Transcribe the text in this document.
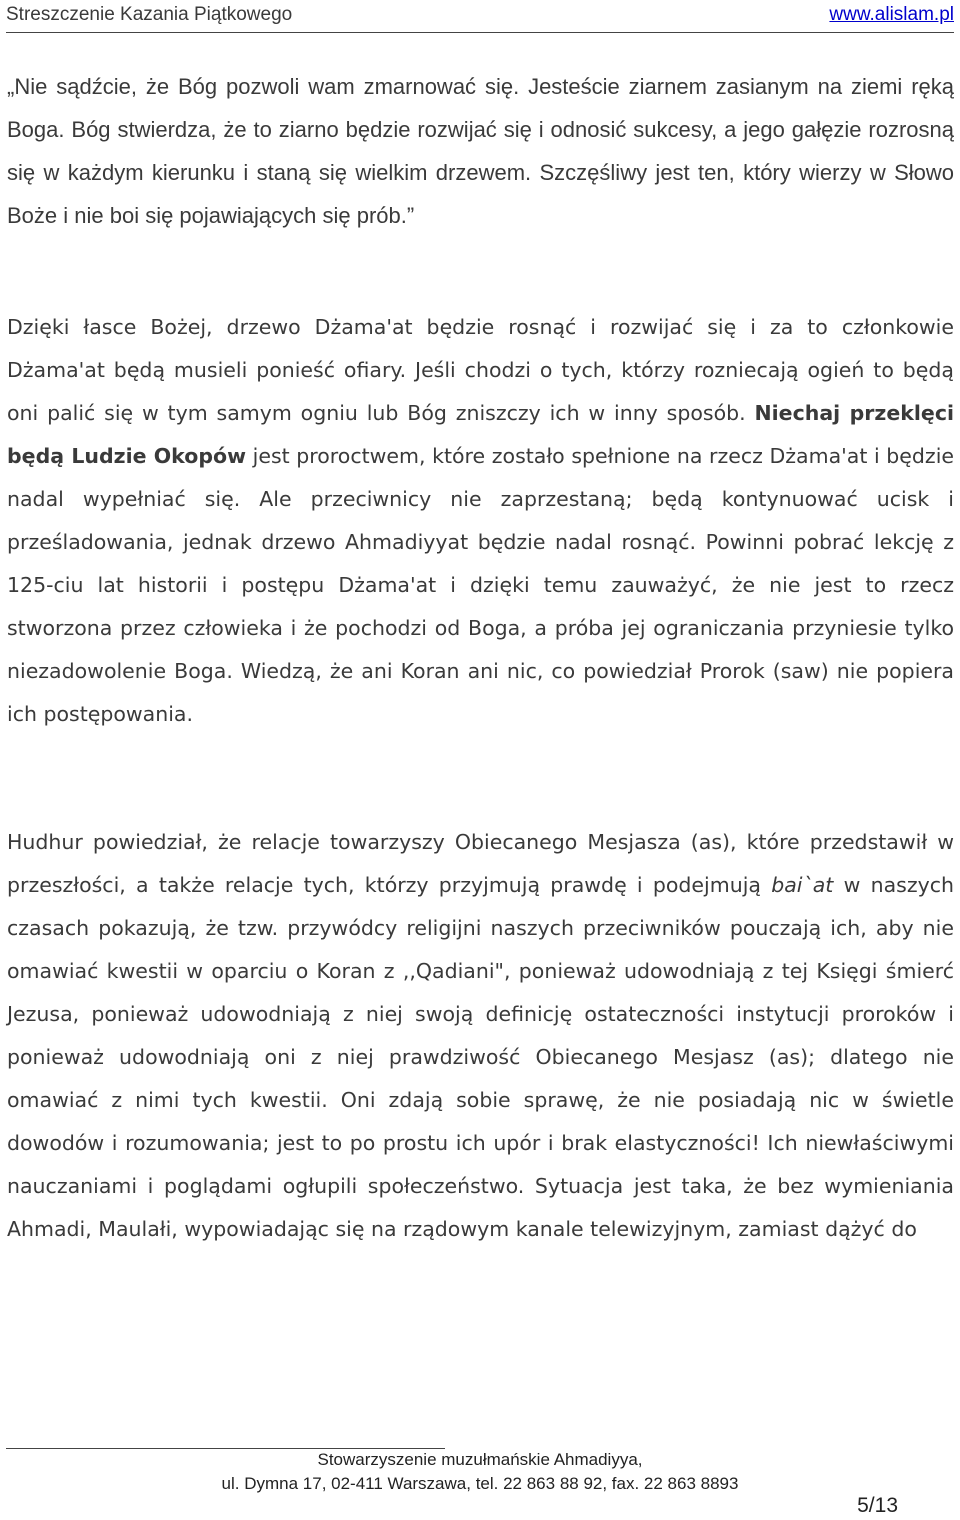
Streszczenie Kazania Piątkowego	www.alislam.pl

„Nie sądźcie, że Bóg pozwoli wam zmarnować się. Jesteście ziarnem zasianym na ziemi ręką Boga. Bóg stwierdza, że to ziarno będzie rozwijać się i odnosić sukcesy, a jego gałęzie rozrosną się w każdym kierunku i staną się wielkim drzewem. Szczęśliwy jest ten, który wierzy w Słowo Boże i nie boi się pojawiających się prób.”

Dzięki łasce Bożej, drzewo Dżama'at będzie rosnąć i rozwijać się i za to członkowie Dżama'at będą musieli ponieść ofiary. Jeśli chodzi o tych, którzy rozniecają ogień to będą oni palić się w tym samym ogniu lub Bóg zniszczy ich w inny sposób. Niechaj przeklęci będą Ludzie Okopów jest proroctwem, które zostało spełnione na rzecz Dżama'at i będzie nadal wypełniać się. Ale przeciwnicy nie zaprzestaną; będą kontynuować ucisk i prześladowania, jednak drzewo Ahmadiyyat będzie nadal rosnąć. Powinni pobrać lekcję z 125-ciu lat historii i postępu Dżama'at i dzięki temu zauważyć, że nie jest to rzecz stworzona przez człowieka i że pochodzi od Boga, a próba jej ograniczania przyniesie tylko niezadowolenie Boga. Wiedzą, że ani Koran ani nic, co powiedział Prorok (saw) nie popiera ich postępowania.

Hudhur powiedział, że relacje towarzyszy Obiecanego Mesjasza (as), które przedstawił w przeszłości, a także relacje tych, którzy przyjmują prawdę i podejmują bai`at w naszych czasach pokazują, że tzw. przywódcy religijni naszych przeciwników pouczają ich, aby nie omawiać kwestii w oparciu o Koran z ,,Qadiani", ponieważ udowodniają z tej Księgi śmierć Jezusa, ponieważ udowodniają z niej swoją definicję ostateczności instytucji proroków i ponieważ udowodniają oni z niej prawdziwość Obiecanego Mesjasz (as); dlatego nie omawiać z nimi tych kwestii. Oni zdają sobie sprawę, że nie posiadają nic w świetle dowodów i rozumowania; jest to po prostu ich upór i brak elastyczności! Ich niewłaściwymi nauczaniami i poglądami ogłupili społeczeństwo. Sytuacja jest taka, że bez wymieniania Ahmadi, Maulałi, wypowiadając się na rządowym kanale telewizyjnym, zamiast dążyć do

Stowarzyszenie muzułmańskie Ahmadiyya,
ul. Dymna 17, 02-411 Warszawa, tel. 22 863 88 92, fax. 22 863 8893
5/13
